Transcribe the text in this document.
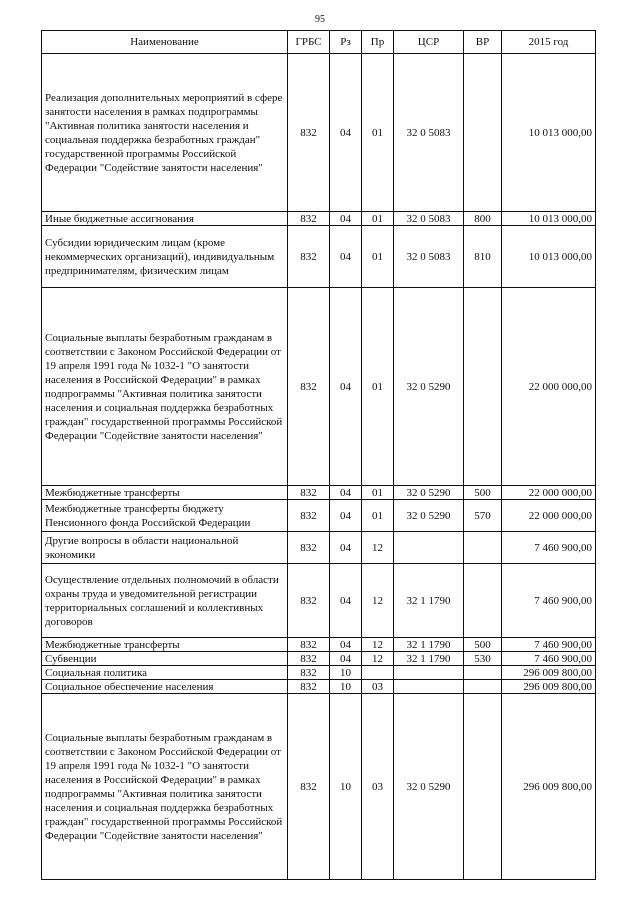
95
Наименование	ГРБС	Рз	Пр	ЦСР	ВР	2015 год
Реализация дополнительных мероприятий в сфере занятости населения в рамках подпрограммы "Активная политика занятости населения и социальная поддержка безработных граждан" государственной программы Российской Федерации "Содействие занятости населения"	832	04	01	32 0 5083		10 013 000,00
Иные бюджетные ассигнования	832	04	01	32 0 5083	800	10 013 000,00
Субсидии юридическим лицам (кроме некоммерческих организаций), индивидуальным предпринимателям, физическим лицам	832	04	01	32 0 5083	810	10 013 000,00
Социальные выплаты безработным гражданам в соответствии с Законом Российской Федерации от 19 апреля 1991 года № 1032-1 "О занятости населения в Российской Федерации" в рамках подпрограммы "Активная политика занятости населения и социальная поддержка безработных граждан" государственной программы Российской Федерации "Содействие занятости населения"	832	04	01	32 0 5290		22 000 000,00
Межбюджетные трансферты	832	04	01	32 0 5290	500	22 000 000,00
Межбюджетные трансферты бюджету Пенсионного фонда Российской Федерации	832	04	01	32 0 5290	570	22 000 000,00
Другие вопросы в области национальной экономики	832	04	12			7 460 900,00
Осуществление отдельных полномочий в области охраны труда и уведомительной регистрации территориальных соглашений и коллективных договоров	832	04	12	32 1 1790		7 460 900,00
Межбюджетные трансферты	832	04	12	32 1 1790	500	7 460 900,00
Субвенции	832	04	12	32 1 1790	530	7 460 900,00
Социальная политика	832	10				296 009 800,00
Социальное обеспечение населения	832	10	03			296 009 800,00
Социальные выплаты безработным гражданам в соответствии с Законом Российской Федерации от 19 апреля 1991 года № 1032-1 "О занятости населения в Российской Федерации" в рамках подпрограммы "Активная политика занятости населения и социальная поддержка безработных граждан" государственной программы Российской Федерации "Содействие занятости населения"	832	10	03	32 0 5290		296 009 800,00
